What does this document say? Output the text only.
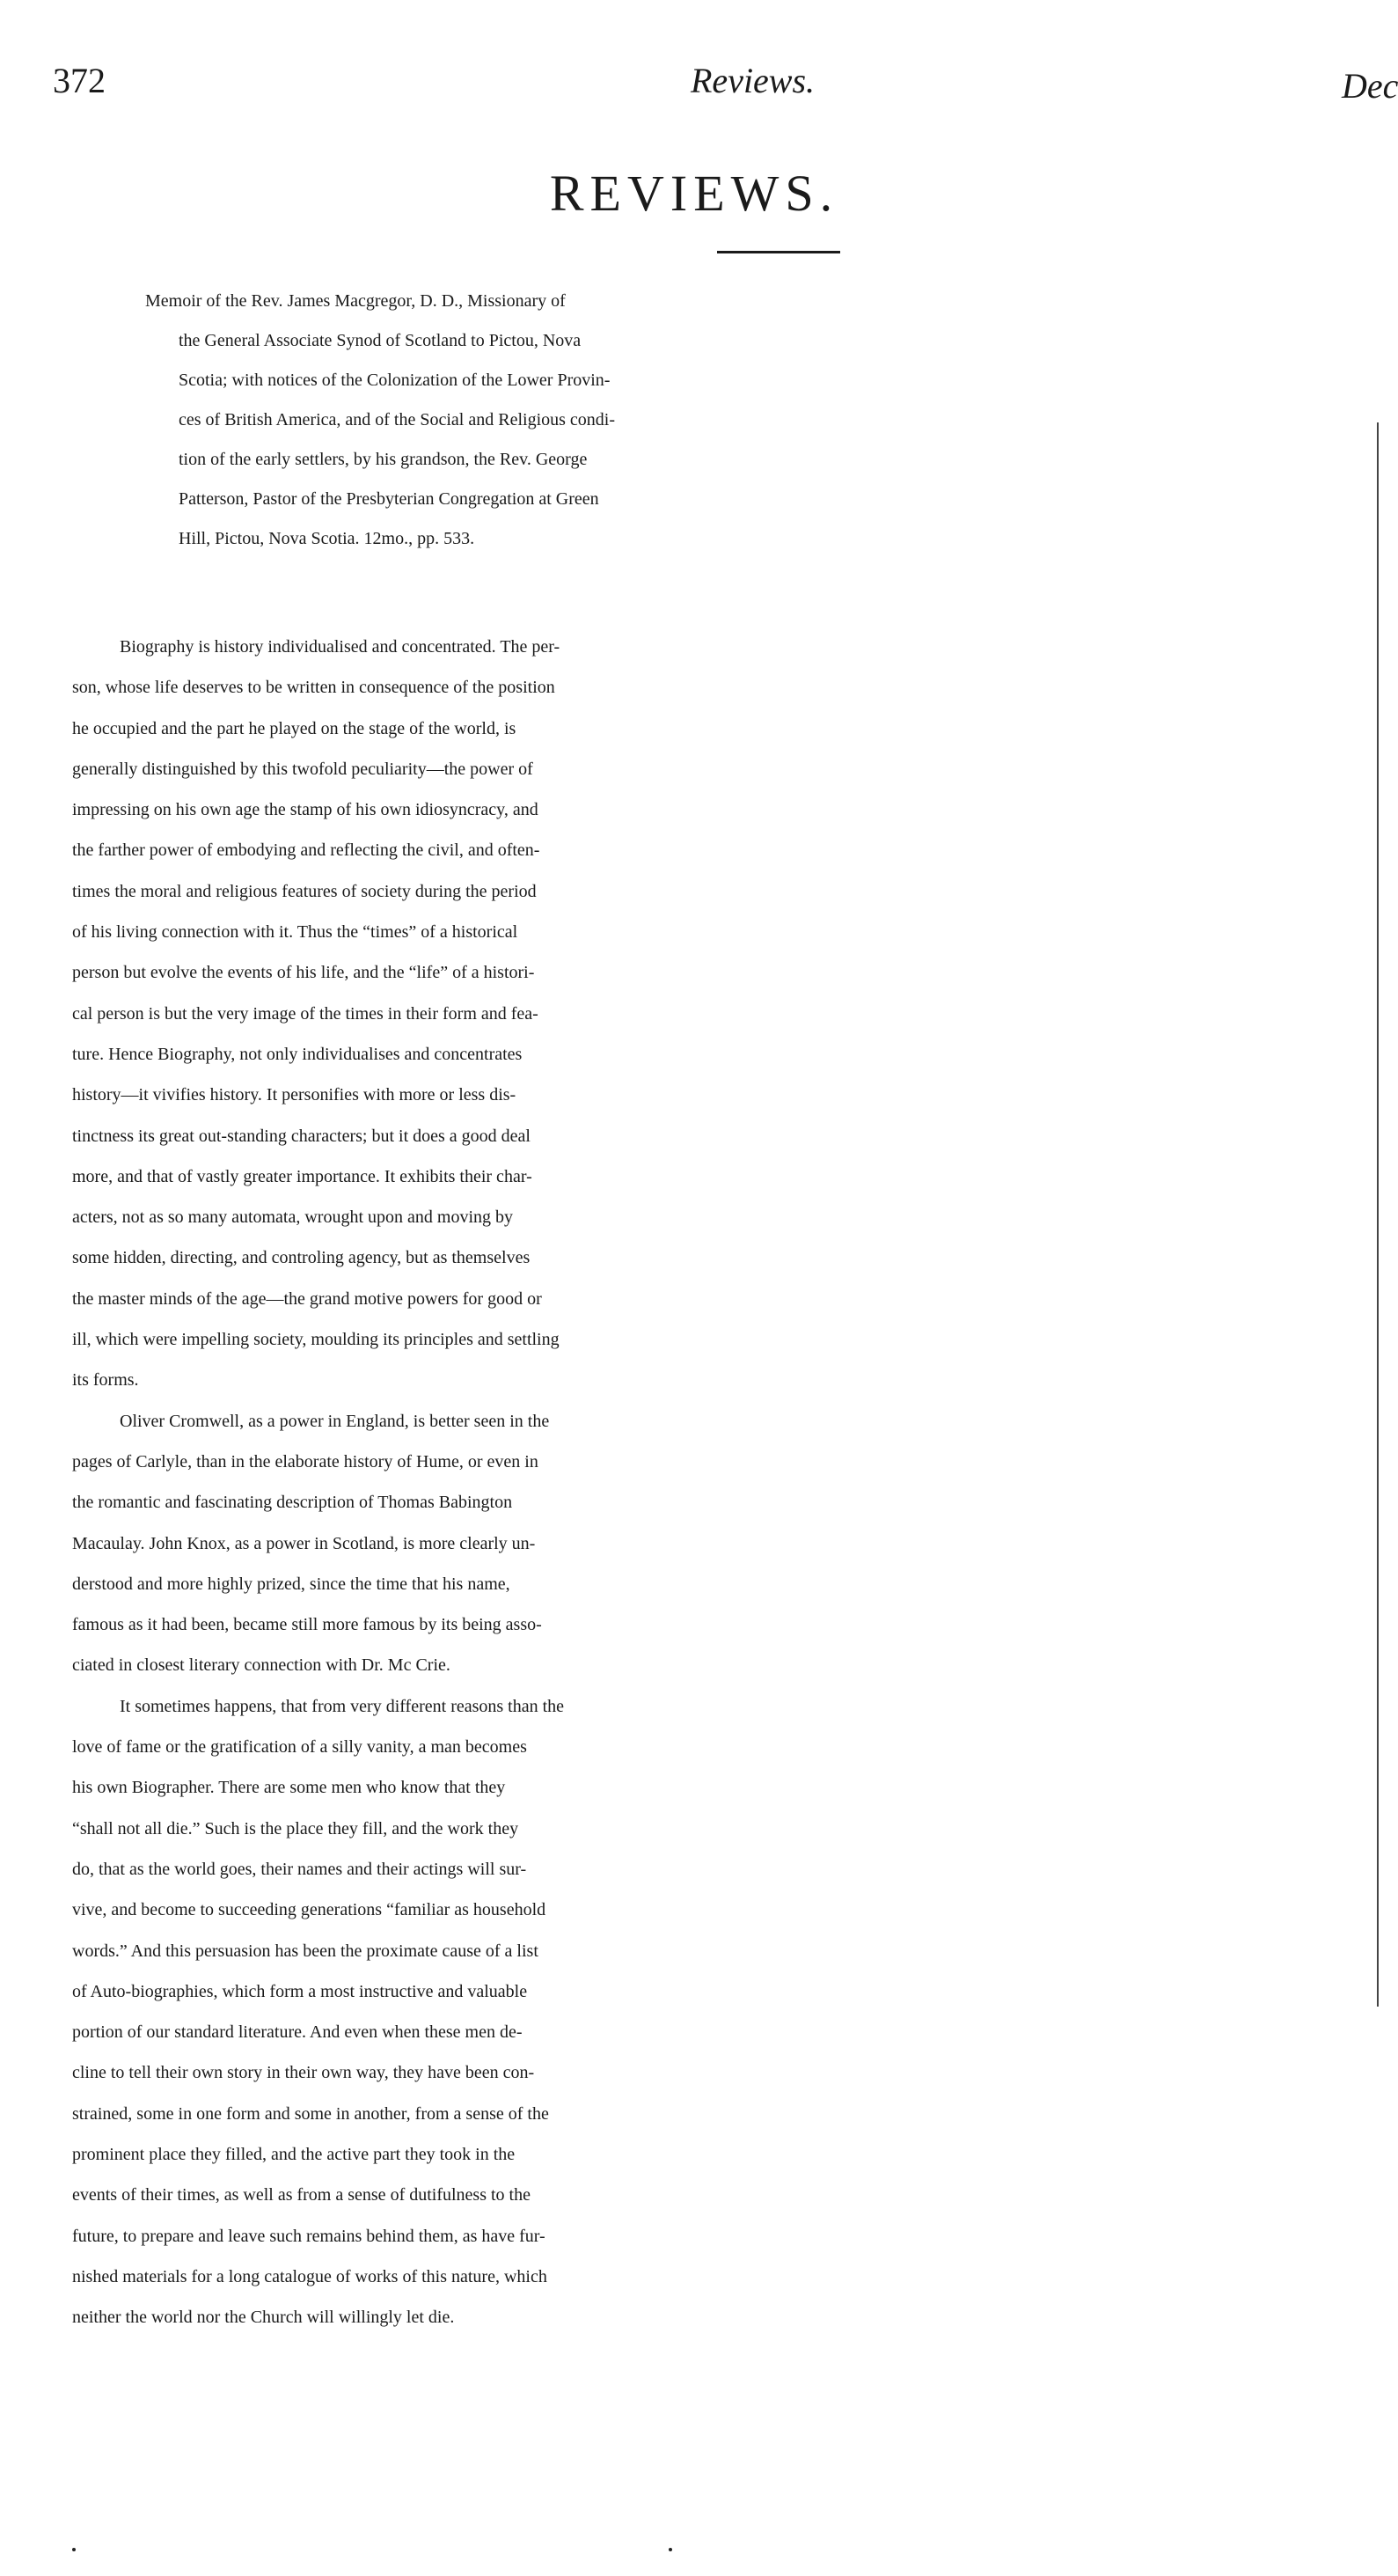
372	Reviews.	Dec
REVIEWS.
Memoir of the Rev. James Macgregor, D. D., Missionary of
the General Associate Synod of Scotland to Pictou, Nova
Scotia; with notices of the Colonization of the Lower Provin-
ces of British America, and of the Social and Religious condi-
tion of the early settlers, by his grandson, the Rev. George
Patterson, Pastor of the Presbyterian Congregation at Green
Hill, Pictou, Nova Scotia. 12mo., pp. 533.
Biography is history individualised and concentrated. The per-
son, whose life deserves to be written in consequence of the position
he occupied and the part he played on the stage of the world, is
generally distinguished by this twofold peculiarity—the power of
impressing on his own age the stamp of his own idiosyncracy, and
the farther power of embodying and reflecting the civil, and often-
times the moral and religious features of society during the period
of his living connection with it. Thus the “times” of a historical
person but evolve the events of his life, and the “life” of a histori-
cal person is but the very image of the times in their form and fea-
ture. Hence Biography, not only individualises and concentrates
history—it vivifies history. It personifies with more or less dis-
tinctness its great out-standing characters; but it does a good deal
more, and that of vastly greater importance. It exhibits their char-
acters, not as so many automata, wrought upon and moving by
some hidden, directing, and controling agency, but as themselves
the master minds of the age—the grand motive powers for good or
ill, which were impelling society, moulding its principles and settling
its forms.
Oliver Cromwell, as a power in England, is better seen in the
pages of Carlyle, than in the elaborate history of Hume, or even in
the romantic and fascinating description of Thomas Babington
Macaulay. John Knox, as a power in Scotland, is more clearly un-
derstood and more highly prized, since the time that his name,
famous as it had been, became still more famous by its being asso-
ciated in closest literary connection with Dr. Mc Crie.
It sometimes happens, that from very different reasons than the
love of fame or the gratification of a silly vanity, a man becomes
his own Biographer. There are some men who know that they
“shall not all die.” Such is the place they fill, and the work they
do, that as the world goes, their names and their actings will sur-
vive, and become to succeeding generations “familiar as household
words.” And this persuasion has been the proximate cause of a list
of Auto-biographies, which form a most instructive and valuable
portion of our standard literature. And even when these men de-
cline to tell their own story in their own way, they have been con-
strained, some in one form and some in another, from a sense of the
prominent place they filled, and the active part they took in the
events of their times, as well as from a sense of dutifulness to the
future, to prepare and leave such remains behind them, as have fur-
nished materials for a long catalogue of works of this nature, which
neither the world nor the Church will willingly let die.
